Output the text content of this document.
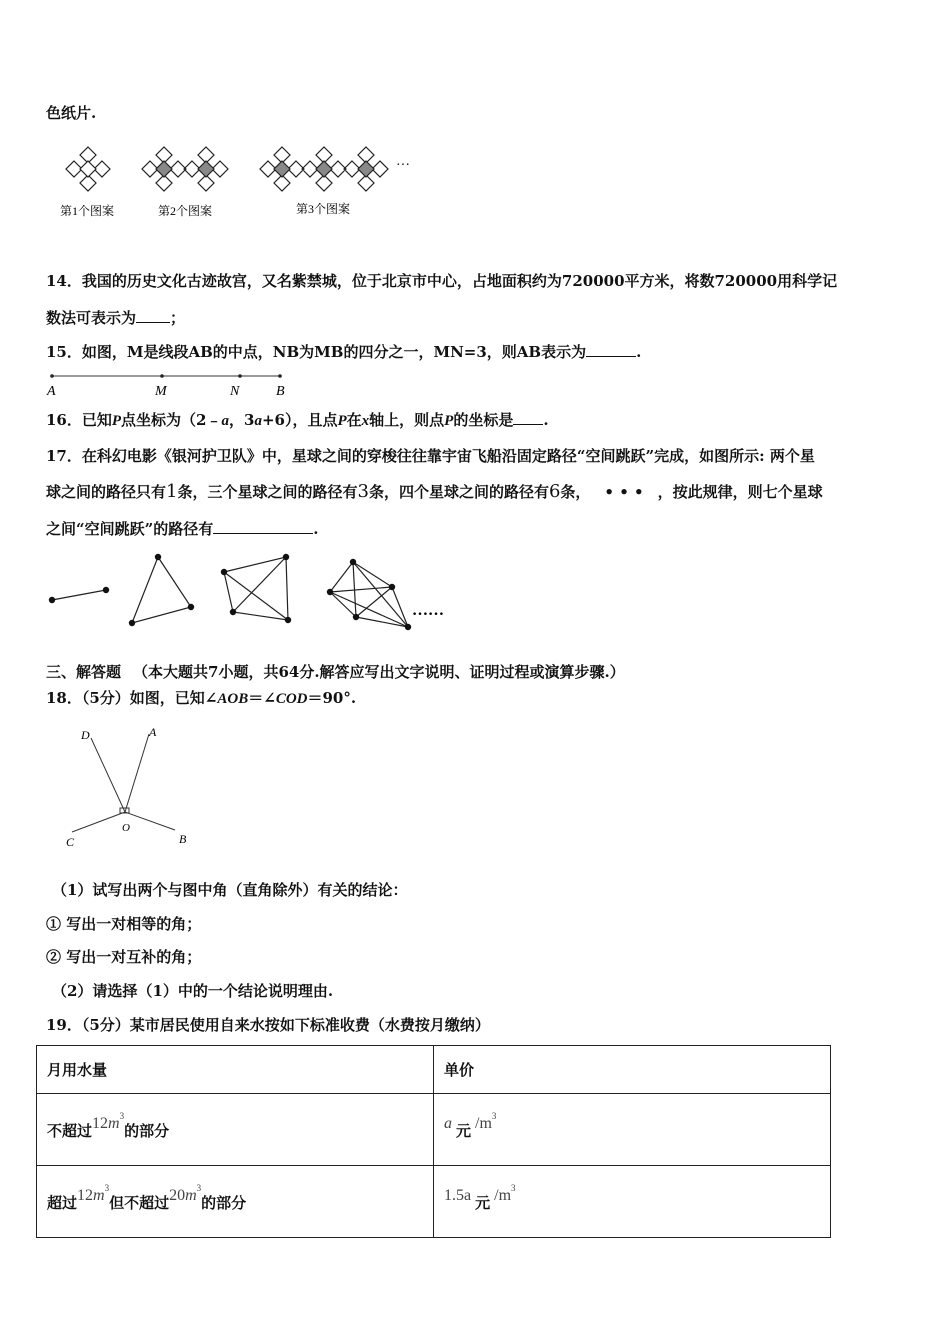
色纸片.
第1个图案	第2个图案	第3个图案
···
14．我国的历史文化古迹故宫，又名紫禁城，位于北京市中心，占地面积约为720000平方米，将数720000用科学记
数法可表示为 ；
15．如图，M是线段AB的中点，NB为MB的四分之一，MN=3，则AB表示为	.
A	M	N	B
16．已知P点坐标为（2﹣a，3a+6），且点P在x轴上，则点P的坐标是 .
17．在科幻电影《银河护卫队》中，星球之间的穿梭往往靠宇宙飞船沿固定路径“空间跳跃”完成，如图所示: 两个星
球之间的路径只有1条，三个星球之间的路径有3条，四个星球之间的路径有6条， • • • ，按此规律，则七个星球
之间“空间跳跃”的路径有	.
……
三、解答题 （本大题共7小题，共64分.解答应写出文字说明、证明过程或演算步骤.）
18．（5分）如图，已知∠AOB＝∠COD＝90°.
D	A
O
C	B
（1）试写出两个与图中角（直角除外）有关的结论：
① 写出一对相等的角；
② 写出一对互补的角；
（2）请选择（1）中的一个结论说明理由.
19．（5分）某市居民使用自来水按如下标准收费（水费按月缴纳）
月用水量	单价
不超过$12m^3$的部分	a 元 $/m^3$
超过$12m^3$但不超过$20m^3$的部分	1.5a 元 $/m^3$
